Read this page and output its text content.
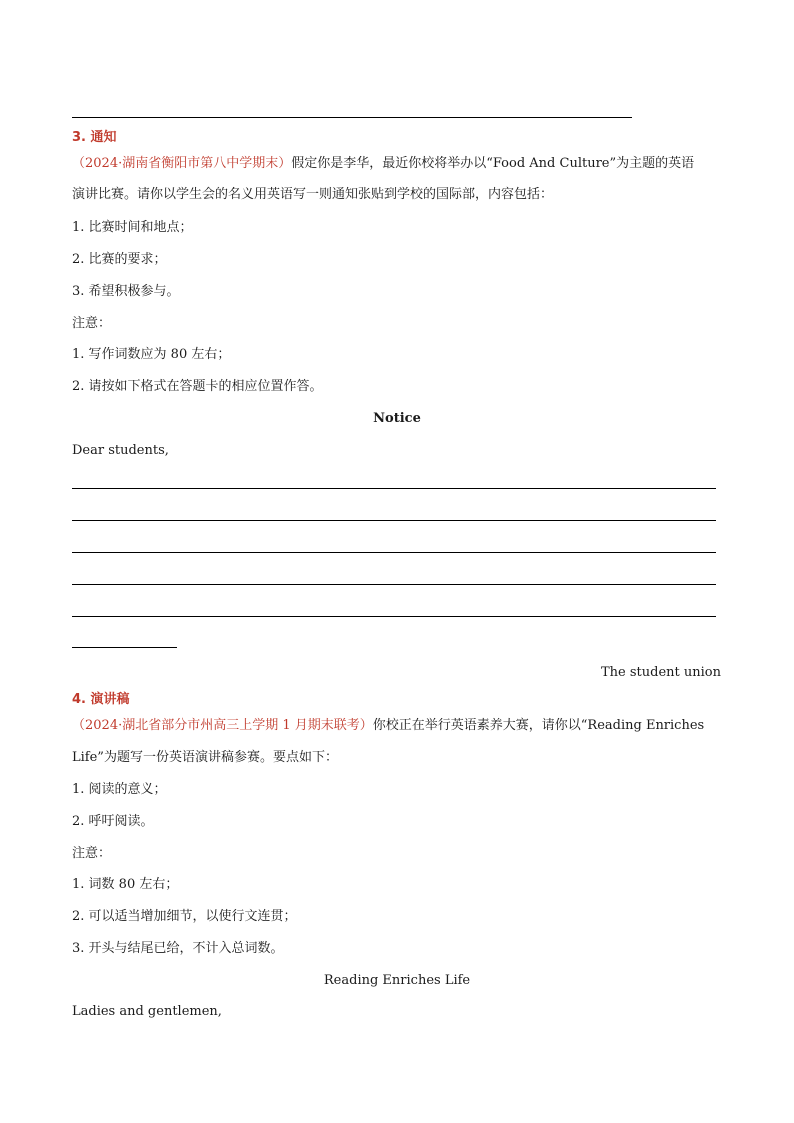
3. 通知
（2024·湖南省衡阳市第八中学期末）假定你是李华，最近你校将举办以“Food And Culture”为主题的英语
演讲比赛。请你以学生会的名义用英语写一则通知张贴到学校的国际部，内容包括：
1. 比赛时间和地点；
2. 比赛的要求；
3. 希望积极参与。
注意：
1. 写作词数应为 80 左右；
2. 请按如下格式在答题卡的相应位置作答。
Notice
Dear students,
The student union
4. 演讲稿
（2024·湖北省部分市州高三上学期 1 月期末联考）你校正在举行英语素养大赛，请你以“Reading Enriches
Life”为题写一份英语演讲稿参赛。要点如下：
1. 阅读的意义；
2. 呼吁阅读。
注意：
1. 词数 80 左右；
2. 可以适当增加细节，以使行文连贯；
3. 开头与结尾已给，不计入总词数。
Reading Enriches Life
Ladies and gentlemen,
